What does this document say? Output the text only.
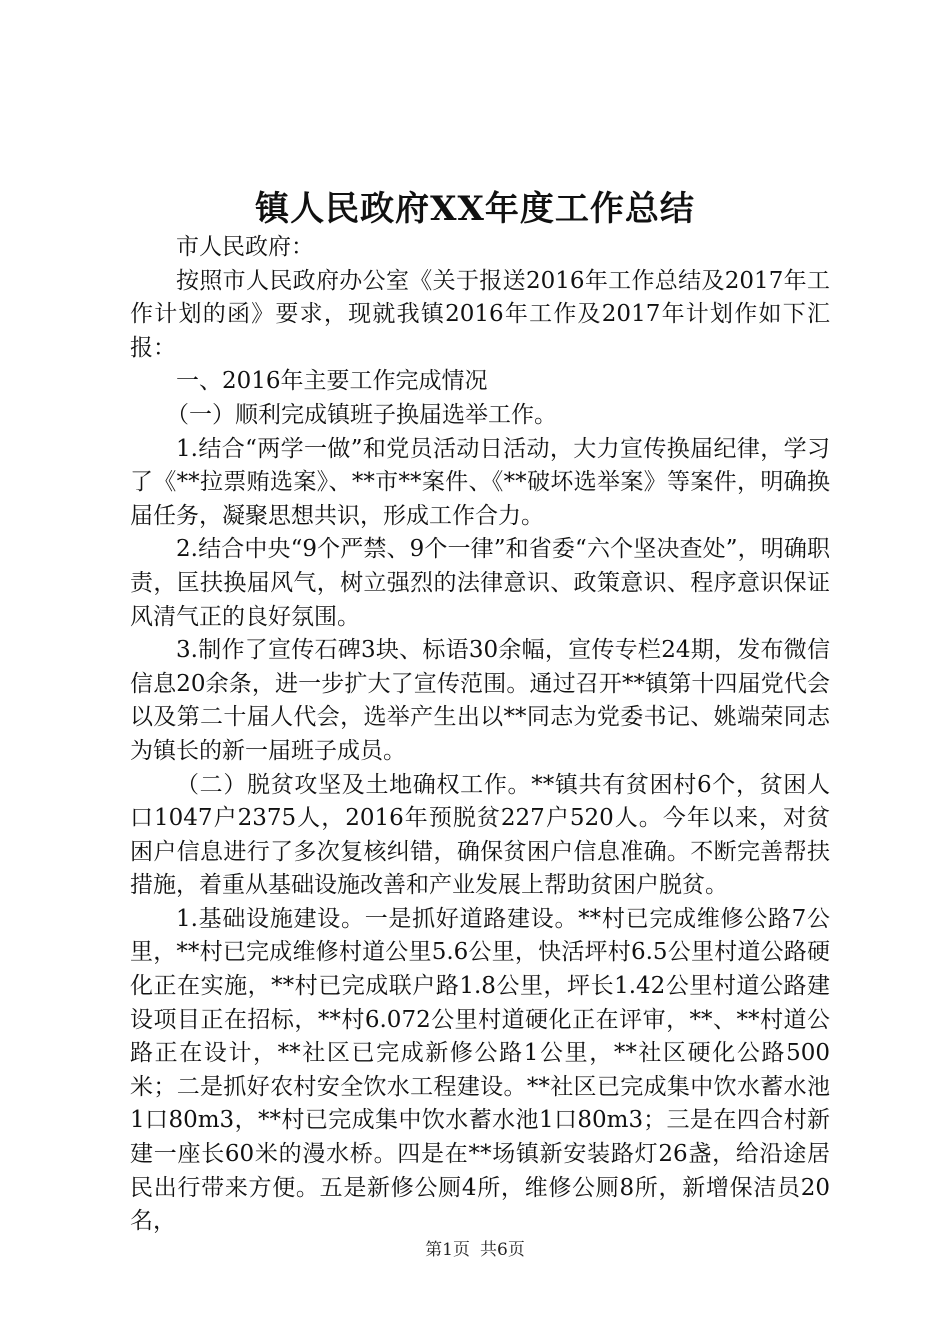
镇人民政府XX年度工作总结

市人民政府：

按照市人民政府办公室《关于报送2016年工作总结及2017年工作计划的函》要求，现就我镇2016年工作及2017年计划作如下汇报：

一、2016年主要工作完成情况

（一）顺利完成镇班子换届选举工作。

1.结合“两学一做”和党员活动日活动，大力宣传换届纪律，学习了《**拉票贿选案》、**市**案件、《**破坏选举案》等案件，明确换届任务，凝聚思想共识，形成工作合力。

2.结合中央“9个严禁、9个一律”和省委“六个坚决查处”，明确职责，匡扶换届风气，树立强烈的法律意识、政策意识、程序意识保证风清气正的良好氛围。

3.制作了宣传石碑3块、标语30余幅，宣传专栏24期，发布微信信息20余条，进一步扩大了宣传范围。通过召开**镇第十四届党代会以及第二十届人代会，选举产生出以**同志为党委书记、姚端荣同志为镇长的新一届班子成员。

（二）脱贫攻坚及土地确权工作。**镇共有贫困村6个，贫困人口1047户2375人，2016年预脱贫227户520人。今年以来，对贫困户信息进行了多次复核纠错，确保贫困户信息准确。不断完善帮扶措施，着重从基础设施改善和产业发展上帮助贫困户脱贫。

1.基础设施建设。一是抓好道路建设。**村已完成维修公路7公里，**村已完成维修村道公里5.6公里，快活坪村6.5公里村道公路硬化正在实施，**村已完成联户路1.8公里，坪长1.42公里村道公路建设项目正在招标，**村6.072公里村道硬化正在评审，**、**村道公路正在设计，**社区已完成新修公路1公里，**社区硬化公路500米；二是抓好农村安全饮水工程建设。**社区已完成集中饮水蓄水池1口80m3，**村已完成集中饮水蓄水池1口80m3；三是在四合村新建一座长60米的漫水桥。四是在**场镇新安装路灯26盏，给沿途居民出行带来方便。五是新修公厕4所，维修公厕8所，新增保洁员20名，

第1页 共6页
